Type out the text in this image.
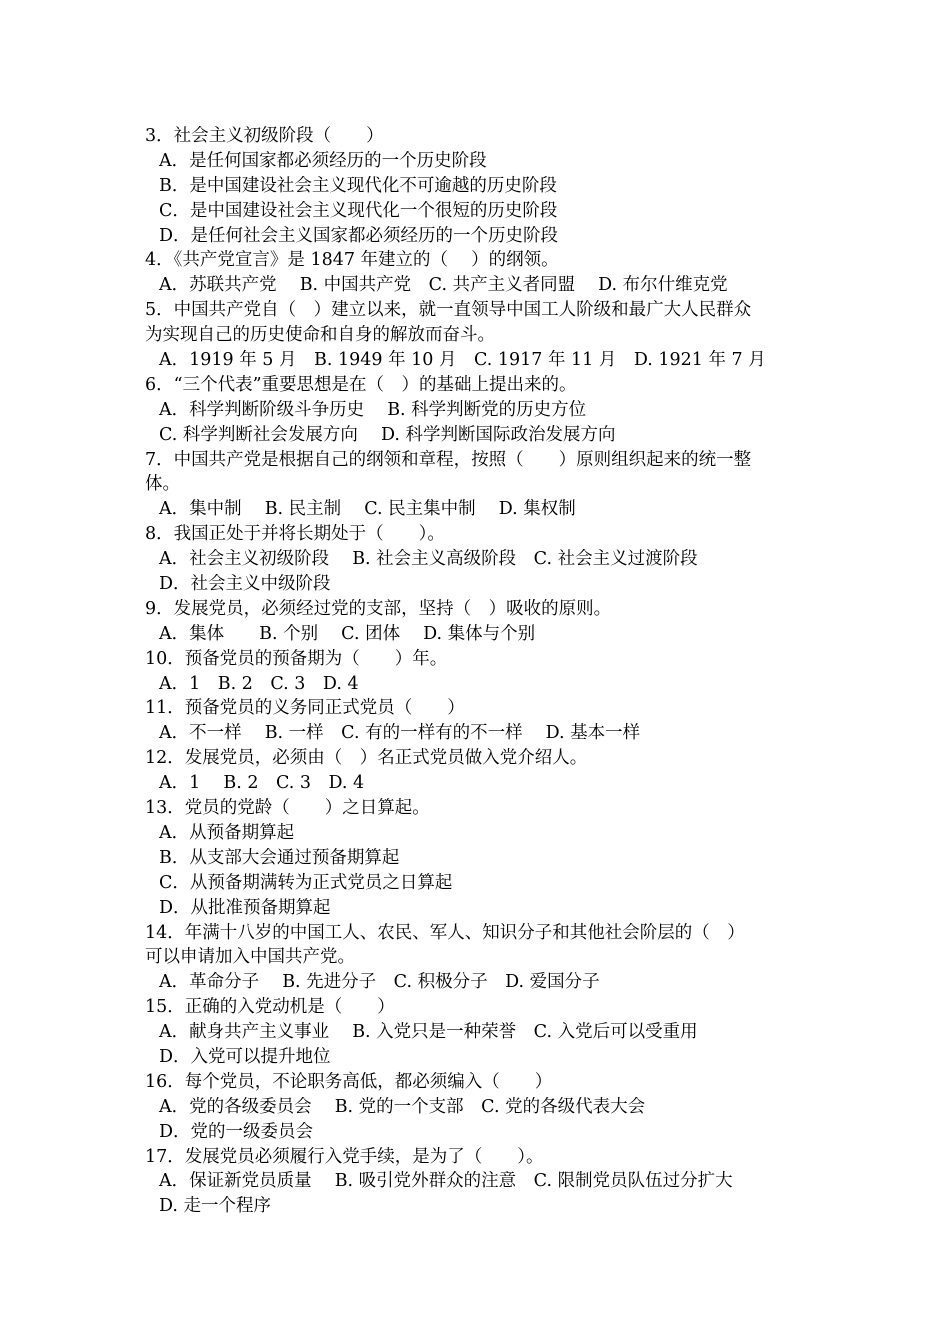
3．社会主义初级阶段（　　）
A．是任何国家都必须经历的一个历史阶段
B．是中国建设社会主义现代化不可逾越的历史阶段
C．是中国建设社会主义现代化一个很短的历史阶段
D．是任何社会主义国家都必须经历的一个历史阶段
4．《共产党宣言》是 1847 年建立的（　 ）的纲领。
A．苏联共产党　 B. 中国共产党　C. 共产主义者同盟　 D. 布尔什维克党
5．中国共产党自（　）建立以来，就一直领导中国工人阶级和最广大人民群众
为实现自己的历史使命和自身的解放而奋斗。
A．1919 年 5 月　B. 1949 年 10 月　C. 1917 年 11 月　D. 1921 年 7 月
6．“三个代表”重要思想是在（　）的基础上提出来的。
A．科学判断阶级斗争历史　 B. 科学判断党的历史方位
C. 科学判断社会发展方向　 D. 科学判断国际政治发展方向
7．中国共产党是根据自己的纲领和章程，按照（　　）原则组织起来的统一整
体。
A．集中制　 B. 民主制　 C. 民主集中制　 D. 集权制
8．我国正处于并将长期处于（　　）。
A．社会主义初级阶段　 B. 社会主义高级阶段　C. 社会主义过渡阶段
D．社会主义中级阶段
9．发展党员，必须经过党的支部，坚持（　）吸收的原则。
A．集体　　B. 个别　 C. 团体　 D. 集体与个别
10．预备党员的预备期为（　　）年。
A．1　B. 2　C. 3　D. 4
11．预备党员的义务同正式党员（　　）
A．不一样　 B. 一样　C. 有的一样有的不一样　 D. 基本一样
12．发展党员，必须由（　）名正式党员做入党介绍人。
A．1　 B. 2　C. 3　D. 4
13．党员的党龄（　　）之日算起。
A．从预备期算起
B．从支部大会通过预备期算起
C．从预备期满转为正式党员之日算起
D．从批准预备期算起
14．年满十八岁的中国工人、农民、军人、知识分子和其他社会阶层的（　）
可以申请加入中国共产党。
A．革命分子　 B. 先进分子　C. 积极分子　D. 爱国分子
15．正确的入党动机是（　　）
A．献身共产主义事业　 B. 入党只是一种荣誉　C. 入党后可以受重用
D．入党可以提升地位
16．每个党员，不论职务高低，都必须编入（　　）
A．党的各级委员会　 B. 党的一个支部　C. 党的各级代表大会
D．党的一级委员会
17．发展党员必须履行入党手续，是为了（　　）。
A．保证新党员质量　 B. 吸引党外群众的注意　C. 限制党员队伍过分扩大
D. 走一个程序
